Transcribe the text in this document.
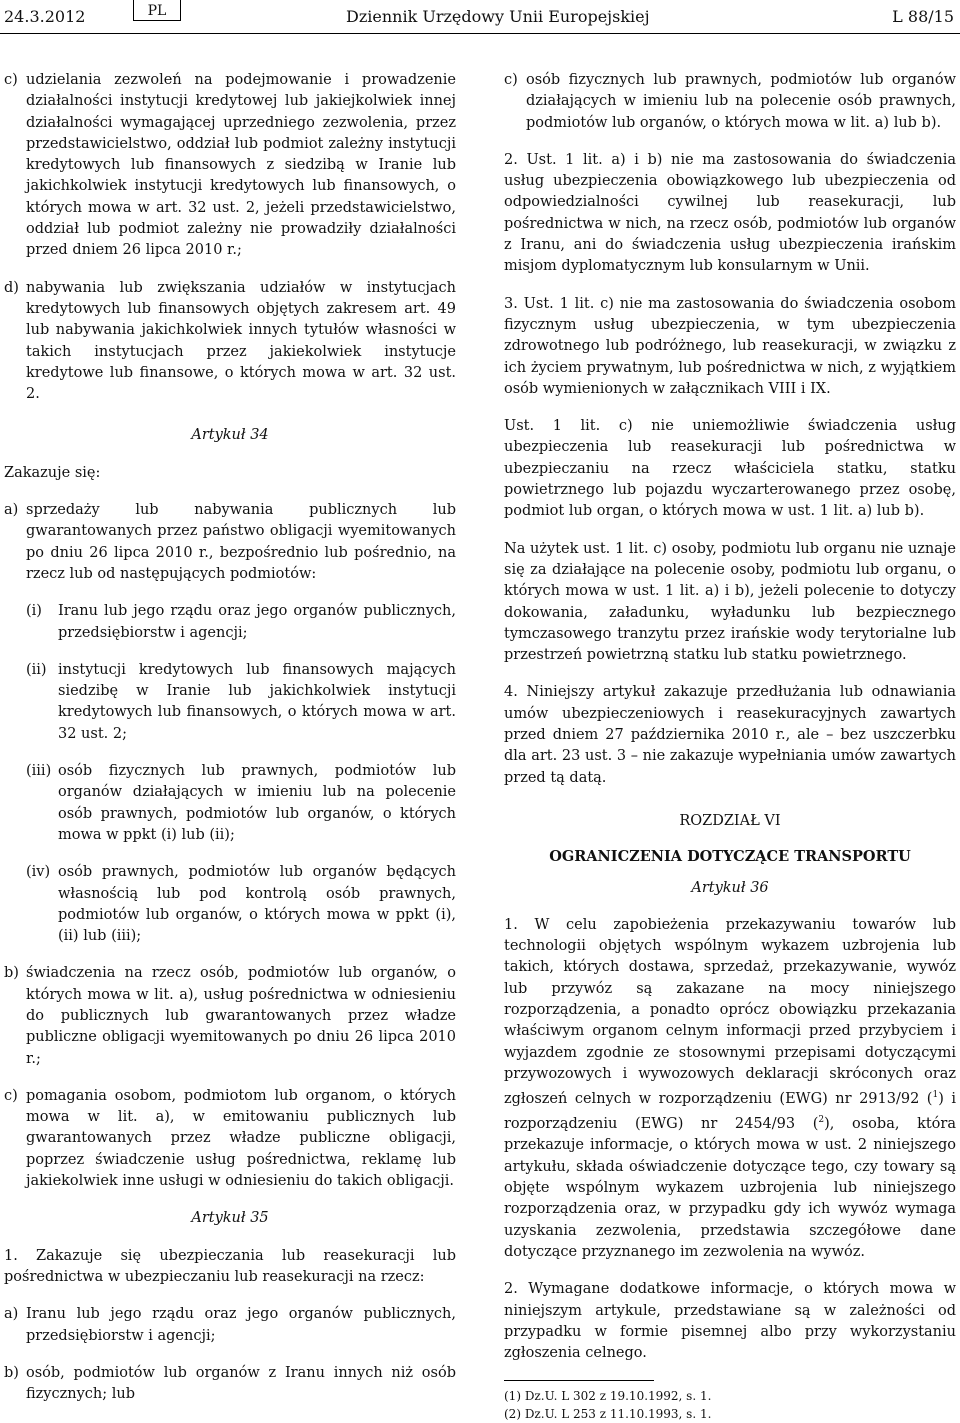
24.3.2012	PL	Dziennik Urzędowy Unii Europejskiej	L 88/15
c) udzielania zezwoleń na podejmowanie i prowadzenie działalności instytucji kredytowej lub jakiejkolwiek innej działalności wymagającej uprzedniego zezwolenia, przez przedstawicielstwo, oddział lub podmiot zależny instytucji kredytowych lub finansowych z siedzibą w Iranie lub jakichkolwiek instytucji kredytowych lub finansowych, o których mowa w art. 32 ust. 2, jeżeli przedstawicielstwo, oddział lub podmiot zależny nie prowadziły działalności przed dniem 26 lipca 2010 r.;
d) nabywania lub zwiększania udziałów w instytucjach kredytowych lub finansowych objętych zakresem art. 49 lub nabywania jakichkolwiek innych tytułów własności w takich instytucjach przez jakiekolwiek instytucje kredytowe lub finansowe, o których mowa w art. 32 ust. 2.
Artykuł 34

Zakazuje się:

a) sprzedaży lub nabywania publicznych lub gwarantowanych przez państwo obligacji wyemitowanych po dniu 26 lipca 2010 r., bezpośrednio lub pośrednio, na rzecz lub od następujących podmiotów:
(i)	Iranu lub jego rządu oraz jego organów publicznych, przedsiębiorstw i agencji;
(ii) instytucji kredytowych lub finansowych mających siedzibę w Iranie lub jakichkolwiek instytucji kredytowych lub finansowych, o których mowa w art. 32 ust. 2;
(iii) osób fizycznych lub prawnych, podmiotów lub organów działających w imieniu lub na polecenie osób prawnych, podmiotów lub organów, o których mowa w ppkt (i) lub (ii);
(iv) osób prawnych, podmiotów lub organów będących własnością lub pod kontrolą osób prawnych, podmiotów lub organów, o których mowa w ppkt (i), (ii) lub (iii);
b) świadczenia na rzecz osób, podmiotów lub organów, o których mowa w lit. a), usług pośrednictwa w odniesieniu do publicznych lub gwarantowanych przez władze publiczne obligacji wyemitowanych po dniu 26 lipca 2010 r.;
c) pomagania osobom, podmiotom lub organom, o których mowa w lit. a), w emitowaniu publicznych lub gwarantowanych przez władze publiczne obligacji, poprzez świadczenie usług pośrednictwa, reklamę lub jakiekolwiek inne usługi w odniesieniu do takich obligacji.
Artykuł 35

1. Zakazuje się ubezpieczania lub reasekuracji lub pośrednictwa w ubezpieczaniu lub reasekuracji na rzecz:

a) Iranu lub jego rządu oraz jego organów publicznych, przedsiębiorstw i agencji;
b) osób, podmiotów lub organów z Iranu innych niż osób fizycznych; lub
c) osób fizycznych lub prawnych, podmiotów lub organów działających w imieniu lub na polecenie osób prawnych, podmiotów lub organów, o których mowa w lit. a) lub b).

2. Ust. 1 lit. a) i b) nie ma zastosowania do świadczenia usług ubezpieczenia obowiązkowego lub ubezpieczenia od odpowiedzialności cywilnej lub reasekuracji, lub pośrednictwa w nich, na rzecz osób, podmiotów lub organów z Iranu, ani do świadczenia usług ubezpieczenia irańskim misjom dyplomatycznym lub konsularnym w Unii.

3. Ust. 1 lit. c) nie ma zastosowania do świadczenia osobom fizycznym usług ubezpieczenia, w tym ubezpieczenia zdrowotnego lub podróżnego, lub reasekuracji, w związku z ich życiem prywatnym, lub pośrednictwa w nich, z wyjątkiem osób wymienionych w załącznikach VIII i IX.

Ust. 1 lit. c) nie uniemożliwie świadczenia usług ubezpieczenia lub reasekuracji lub pośrednictwa w ubezpieczaniu na rzecz właściciela statku, statku powietrznego lub pojazdu wyczarterowanego przez osobę, podmiot lub organ, o których mowa w ust. 1 lit. a) lub b).

Na użytek ust. 1 lit. c) osoby, podmiotu lub organu nie uznaje się za działające na polecenie osoby, podmiotu lub organu, o których mowa w ust. 1 lit. a) i b), jeżeli polecenie to dotyczy dokowania, załadunku, wyładunku lub bezpiecznego tymczasowego tranzytu przez irańskie wody terytorialne lub przestrzeń powietrzną statku lub statku powietrznego.

4. Niniejszy artykuł zakazuje przedłużania lub odnawiania umów ubezpieczeniowych i reasekuracyjnych zawartych przed dniem 27 października 2010 r., ale – bez uszczerbku dla art. 23 ust. 3 – nie zakazuje wypełniania umów zawartych przed tą datą.

ROZDZIAŁ VI
OGRANICZENIA DOTYCZĄCE TRANSPORTU
Artykuł 36

1. W celu zapobieżenia przekazywaniu towarów lub technologii objętych wspólnym wykazem uzbrojenia lub takich, których dostawa, sprzedaż, przekazywanie, wywóz lub przywóz są zakazane na mocy niniejszego rozporządzenia, a ponadto oprócz obowiązku przekazania właściwym organom celnym informacji przed przybyciem i wyjazdem zgodnie ze stosownymi przepisami dotyczącymi przywozowych i wywozowych deklaracji skróconych oraz zgłoszeń celnych w rozporządzeniu (EWG) nr 2913/92 ($^1$) i rozporządzeniu (EWG) nr 2454/93 ($^2$), osoba, która przekazuje informacje, o których mowa w ust. 2 niniejszego artykułu, składa oświadczenie dotyczące tego, czy towary są objęte wspólnym wykazem uzbrojenia lub niniejszego rozporządzenia oraz, w przypadku gdy ich wywóz wymaga uzyskania zezwolenia, przedstawia szczegółowe dane dotyczące przyznanego im zezwolenia na wywóz.

2. Wymagane dodatkowe informacje, o których mowa w niniejszym artykule, przedstawiane są w zależności od przypadku w formie pisemnej albo przy wykorzystaniu zgłoszenia celnego.

(1) Dz.U. L 302 z 19.10.1992, s. 1.

(2) Dz.U. L 253 z 11.10.1993, s. 1.
